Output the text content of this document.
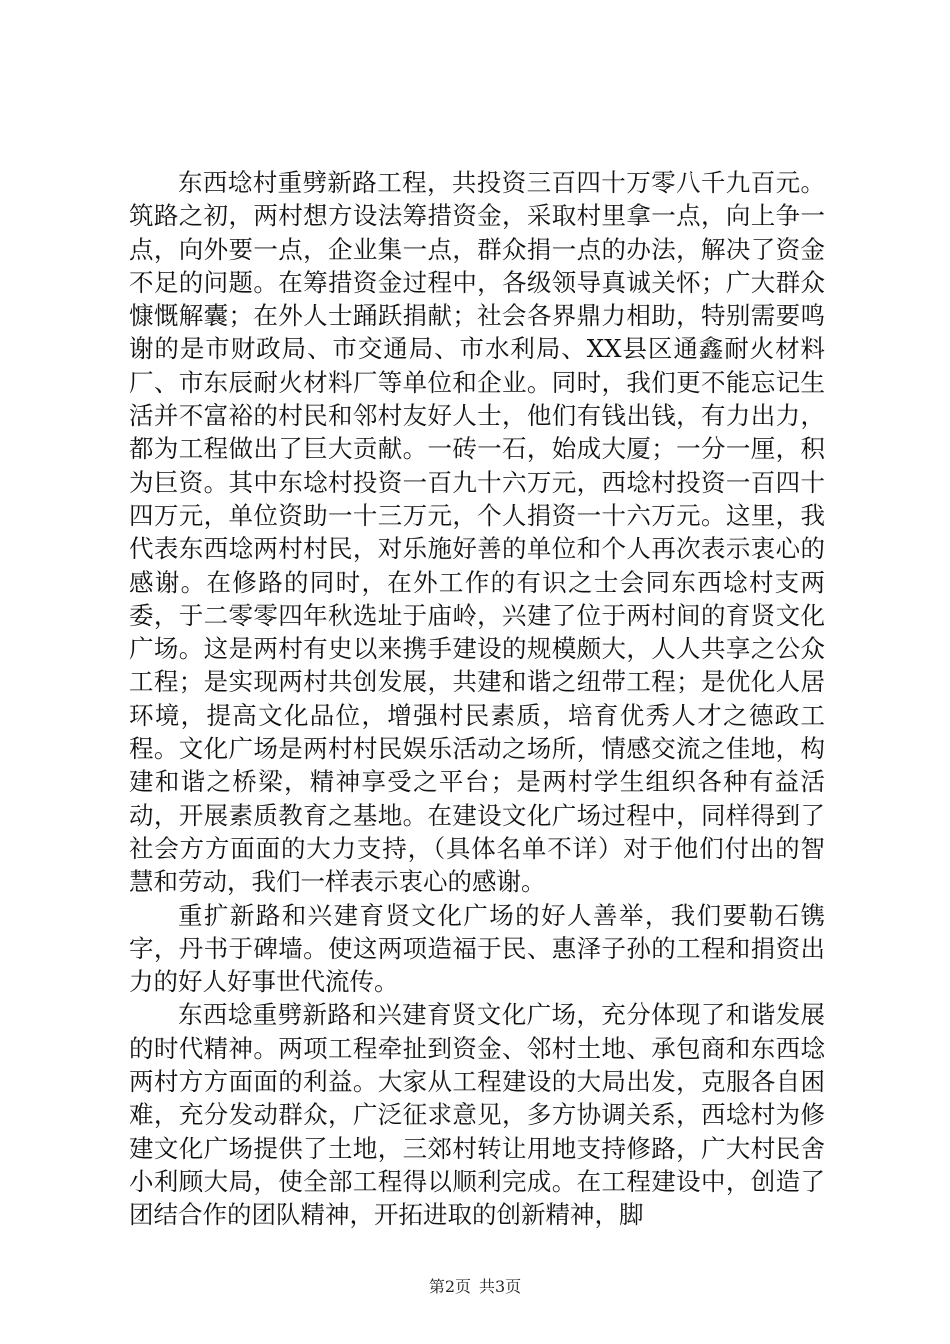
东西埝村重劈新路工程，共投资三百四十万零八千九百元。筑路之初，两村想方设法筹措资金，采取村里拿一点，向上争一点，向外要一点，企业集一点，群众捐一点的办法，解决了资金不足的问题。在筹措资金过程中，各级领导真诚关怀；广大群众慷慨解囊；在外人士踊跃捐献；社会各界鼎力相助，特别需要鸣谢的是市财政局、市交通局、市水利局、XX县区通鑫耐火材料厂、市东辰耐火材料厂等单位和企业。同时，我们更不能忘记生活并不富裕的村民和邻村友好人士，他们有钱出钱，有力出力，都为工程做出了巨大贡献。一砖一石，始成大厦；一分一厘，积为巨资。其中东埝村投资一百九十六万元，西埝村投资一百四十四万元，单位资助一十三万元，个人捐资一十六万元。这里，我代表东西埝两村村民，对乐施好善的单位和个人再次表示衷心的感谢。在修路的同时，在外工作的有识之士会同东西埝村支两委，于二零零四年秋选址于庙岭，兴建了位于两村间的育贤文化广场。这是两村有史以来携手建设的规模颇大，人人共享之公众工程；是实现两村共创发展，共建和谐之纽带工程；是优化人居环境，提高文化品位，增强村民素质，培育优秀人才之德政工程。文化广场是两村村民娱乐活动之场所，情感交流之佳地，构建和谐之桥梁，精神享受之平台；是两村学生组织各种有益活动，开展素质教育之基地。在建设文化广场过程中，同样得到了社会方方面面的大力支持，（具体名单不详）对于他们付出的智慧和劳动，我们一样表示衷心的感谢。

重扩新路和兴建育贤文化广场的好人善举，我们要勒石镌字，丹书于碑墙。使这两项造福于民、惠泽子孙的工程和捐资出力的好人好事世代流传。

东西埝重劈新路和兴建育贤文化广场，充分体现了和谐发展的时代精神。两项工程牵扯到资金、邻村土地、承包商和东西埝两村方方面面的利益。大家从工程建设的大局出发，克服各自困难，充分发动群众，广泛征求意见，多方协调关系，西埝村为修建文化广场提供了土地，三郊村转让用地支持修路，广大村民舍小利顾大局，使全部工程得以顺利完成。在工程建设中，创造了团结合作的团队精神，开拓进取的创新精神，脚

第2页 共3页
